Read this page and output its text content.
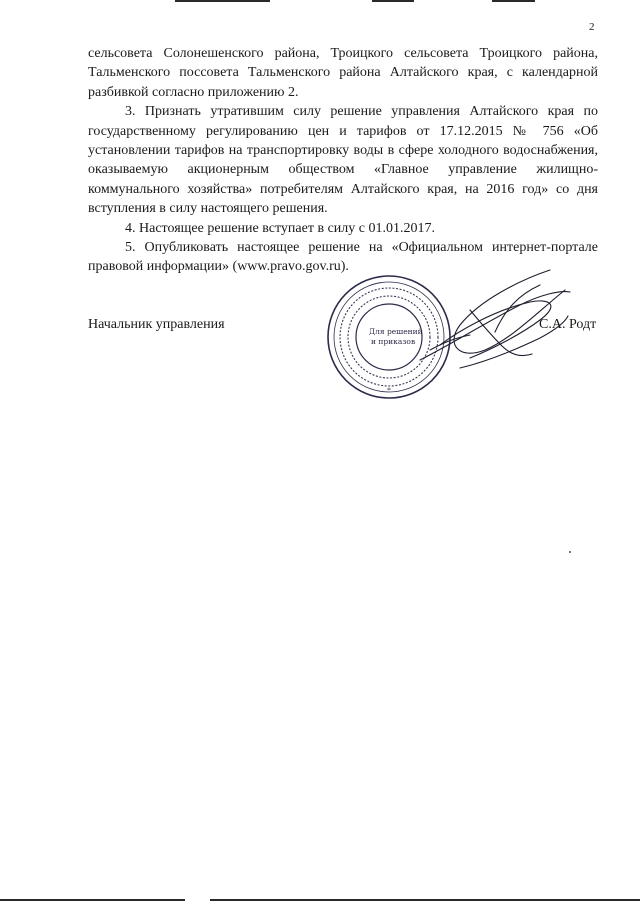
2

сельсовета Солонешенского района, Троицкого сельсовета Троицкого района, Тальменского поссовета Тальменского района Алтайского края, с календарной разбивкой согласно приложению 2.

3. Признать утратившим силу решение управления Алтайского края по государственному регулированию цен и тарифов от 17.12.2015 № 756 «Об установлении тарифов на транспортировку воды в сфере холодного водоснабжения, оказываемую акционерным обществом «Главное управление жилищно-коммунального хозяйства» потребителям Алтайского края, на 2016 год» со дня вступления в силу настоящего решения.

4. Настоящее решение вступает в силу с 01.01.2017.

5. Опубликовать настоящее решение на «Официальном интернет-портале правовой информации» (www.pravo.gov.ru).

Начальник управления	С.А. Родт
Для решений
и приказов
*
